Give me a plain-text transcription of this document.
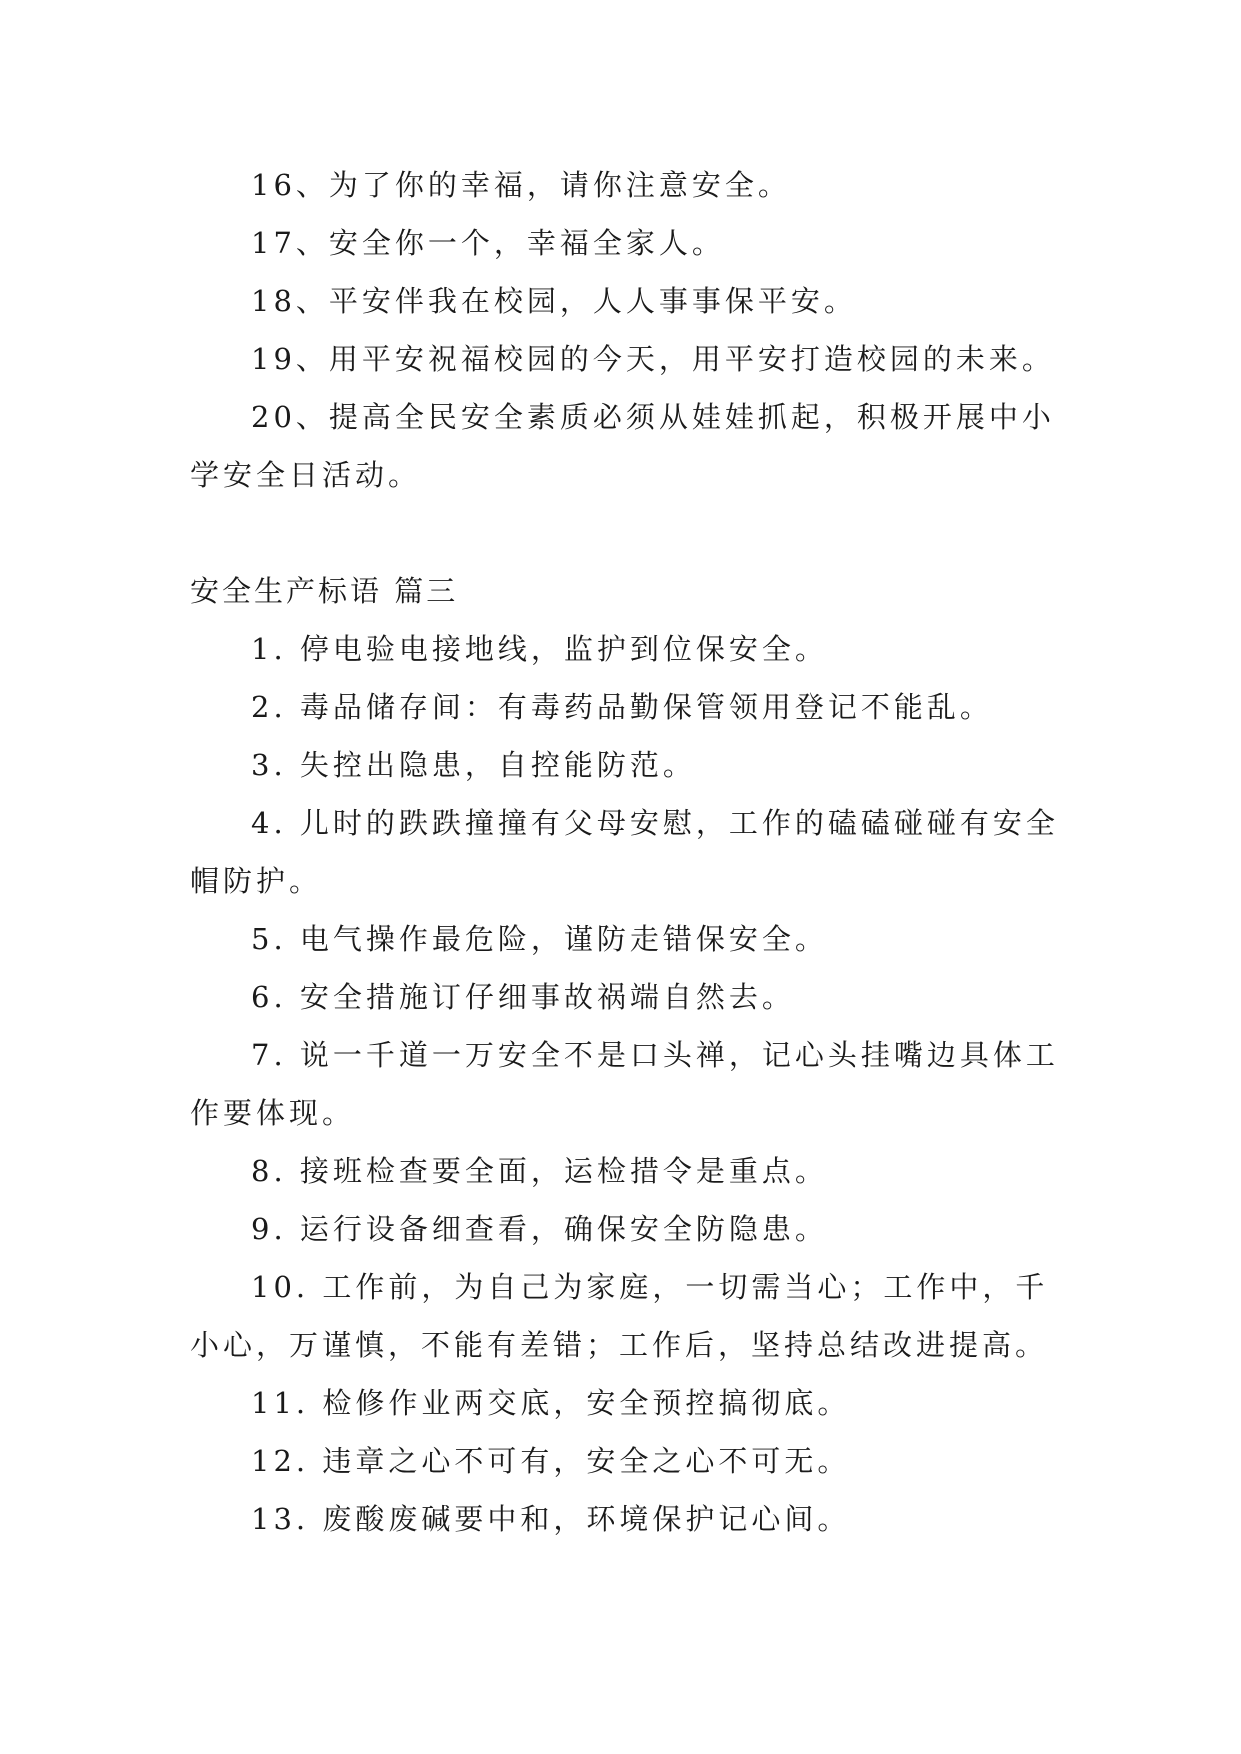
16、为了你的幸福，请你注意安全。

17、安全你一个，幸福全家人。

18、平安伴我在校园，人人事事保平安。

19、用平安祝福校园的今天，用平安打造校园的未来。

20、提高全民安全素质必须从娃娃抓起，积极开展中小学安全日活动。

安全生产标语 篇三

1. 停电验电接地线，监护到位保安全。

2. 毒品储存间：有毒药品勤保管领用登记不能乱。

3. 失控出隐患，自控能防范。

4. 儿时的跌跌撞撞有父母安慰，工作的磕磕碰碰有安全帽防护。

5. 电气操作最危险，谨防走错保安全。

6. 安全措施订仔细事故祸端自然去。

7. 说一千道一万安全不是口头禅，记心头挂嘴边具体工作要体现。

8. 接班检查要全面，运检措令是重点。

9. 运行设备细查看，确保安全防隐患。

10. 工作前，为自己为家庭，一切需当心；工作中，千小心，万谨慎，不能有差错；工作后，坚持总结改进提高。

11. 检修作业两交底，安全预控搞彻底。

12. 违章之心不可有，安全之心不可无。

13. 废酸废碱要中和，环境保护记心间。
